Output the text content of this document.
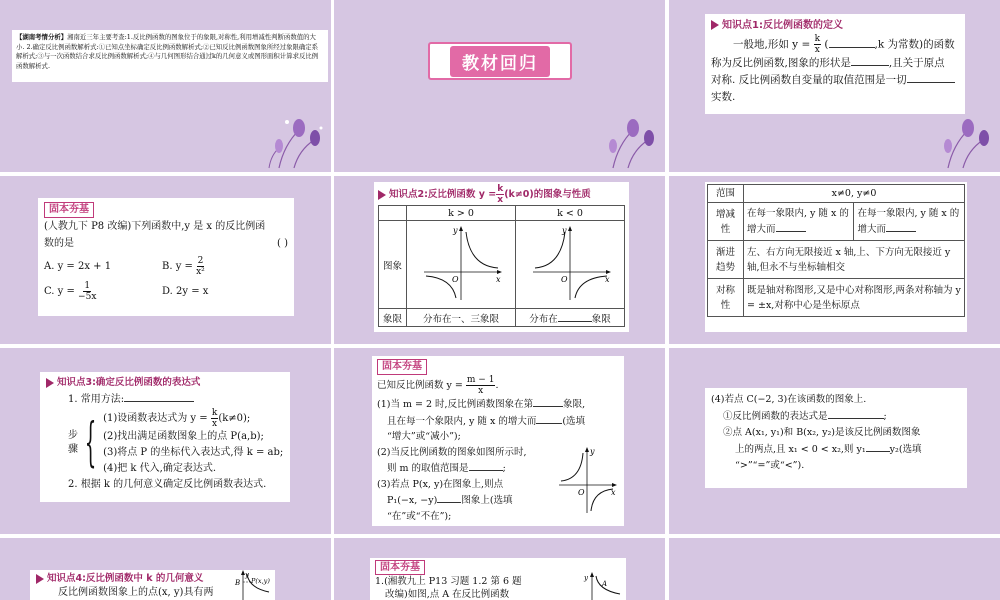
【湖南考情分析】湘南近三年主要考查:1.反比例函数的图象位于的象限,对称性,利用增减性判断函数值的大小. 2.确定反比例函数解析式:①已知点坐标确定反比例函数解析式;②已知反比例函数图象所经过象限确定系解析式;③与一次函数结合求反比例函数解析式;④与几何图形结合通过k的几何意义或图形面积计算求反比例函数解析式.	教材回归
知识点1:反比例函数的定义
一般地,形如 $y = \frac{k}{x}$ (	,k 为常数)的函数
称为反比例函数,图象的形状是	,且关于原点
对称. 反比例函数自变量的取值范围是一切
实数.
固本夯基
(人教九下 P8 改编)下列函数中,y 是 x 的反比例函
数的是	( )
A. y = 2x + 1	B. $y = \frac{2}{\text{x²}}$
C. $y = \frac{1}{-5x}$	D. 2y = x
知识点2:反比例函数 $y = \frac{k}{x} (k\ne 0)$的图象与性质
	k > 0	k < 0
图象	x
y
O	x
y
O

象限	分布在一、三象限	分布在 象限
范围	x≠0, y≠0	
增减性	在每一象限内, y 随 x 的增大而	在每一象限内, y 随 x 的增大而
渐进趋势	左、右方向无限接近 x 轴,上、下方向无限接近 y 轴,但永不与坐标轴相交	
对称性	既是轴对称图形,又是中心对称图形,两条对称轴为 y = ±x,对称中心是坐标原点	
知识点3:确定反比例函数的表达式
1. 常用方法:
步骤 { (1)设函数表达式为 $y = \frac{k}{x} (k\ne 0)$;
(2)找出满足函数图象上的点 P(a,b);
(3)将点 P 的坐标代入表达式,得 k = ab;
(4)把 k 代入,确定表达式.
2. 根据 k 的几何意义确定反比例函数表达式.
固本夯基
已知反比例函数 $y = \frac{m - 1}{x}$ .
(1)当 m = 2 时,反比例函数图象在第	象限,
且在每一个象限内, y 随 x 的增大而	(选填
“增大”或“减小”);
(2)当反比例函数的图象如图所示时,
则 m 的取值范围是	;
(3)若点 P(x, y)在图象上,则点
P₁(−x, −y)	图象上(选填
“在”或“不在”);
x
y
O
(4)若点 C(−2, 3)在该函数的图象上.
①反比例函数的表达式是	;
②点 A(x₁, y₁)和 B(x₂, y₂)是该反比例函数图象
上的两点,且 x₁ < 0 < x₂,则 y₁	y₂(选填
“>”“=”或“<”).
知识点4:反比例函数中 k 的几何意义
反比例函数图象上的点(x, y)具有两
y
P(x,y)
B
固本夯基
1.(湘教九上 P13 习题 1.2 第 6 题
改编)如图,点 A 在反比例函数
y
A
